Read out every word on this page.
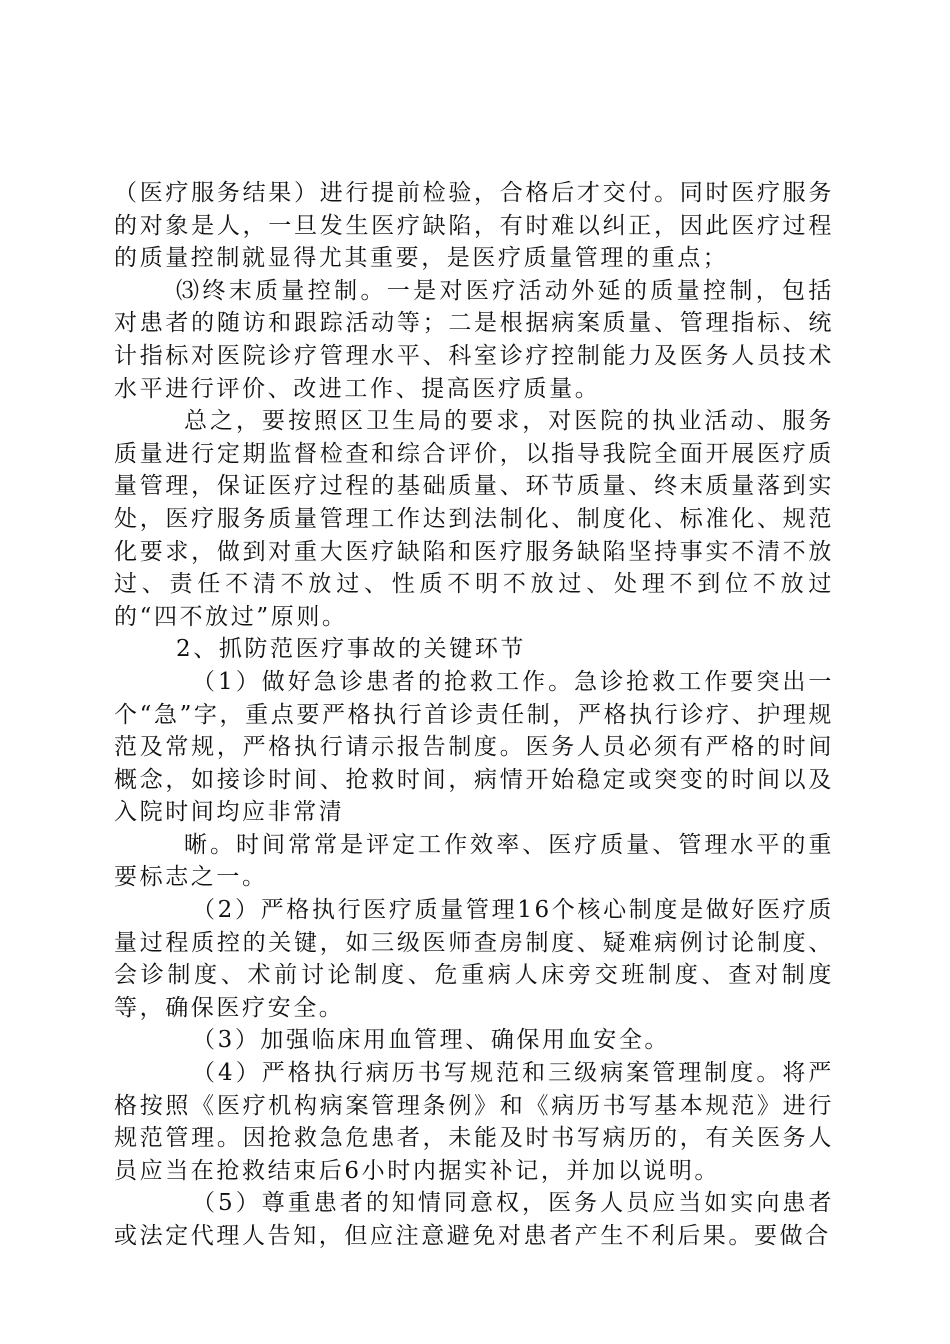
（医疗服务结果）进行提前检验，合格后才交付。同时医疗服务的对象是人，一旦发生医疗缺陷，有时难以纠正，因此医疗过程的质量控制就显得尤其重要，是医疗质量管理的重点；

⑶终末质量控制。一是对医疗活动外延的质量控制，包括对患者的随访和跟踪活动等；二是根据病案质量、管理指标、统计指标对医院诊疗管理水平、科室诊疗控制能力及医务人员技术水平进行评价、改进工作、提高医疗质量。

总之，要按照区卫生局的要求，对医院的执业活动、服务质量进行定期监督检查和综合评价，以指导我院全面开展医疗质量管理，保证医疗过程的基础质量、环节质量、终末质量落到实处，医疗服务质量管理工作达到法制化、制度化、标准化、规范化要求，做到对重大医疗缺陷和医疗服务缺陷坚持事实不清不放过、责任不清不放过、性质不明不放过、处理不到位不放过的“四不放过”原则。

2、抓防范医疗事故的关键环节

（1）做好急诊患者的抢救工作。急诊抢救工作要突出一个“急”字，重点要严格执行首诊责任制，严格执行诊疗、护理规范及常规，严格执行请示报告制度。医务人员必须有严格的时间概念，如接诊时间、抢救时间，病情开始稳定或突变的时间以及入院时间均应非常清

晰。时间常常是评定工作效率、医疗质量、管理水平的重要标志之一。

（2）严格执行医疗质量管理16个核心制度是做好医疗质量过程质控的关键，如三级医师查房制度、疑难病例讨论制度、会诊制度、术前讨论制度、危重病人床旁交班制度、查对制度等，确保医疗安全。

（3）加强临床用血管理、确保用血安全。

（4）严格执行病历书写规范和三级病案管理制度。将严格按照《医疗机构病案管理条例》和《病历书写基本规范》进行规范管理。因抢救急危患者，未能及时书写病历的，有关医务人员应当在抢救结束后6小时内据实补记，并加以说明。

（5）尊重患者的知情同意权，医务人员应当如实向患者或法定代理人告知，但应注意避免对患者产生不利后果。要做合
